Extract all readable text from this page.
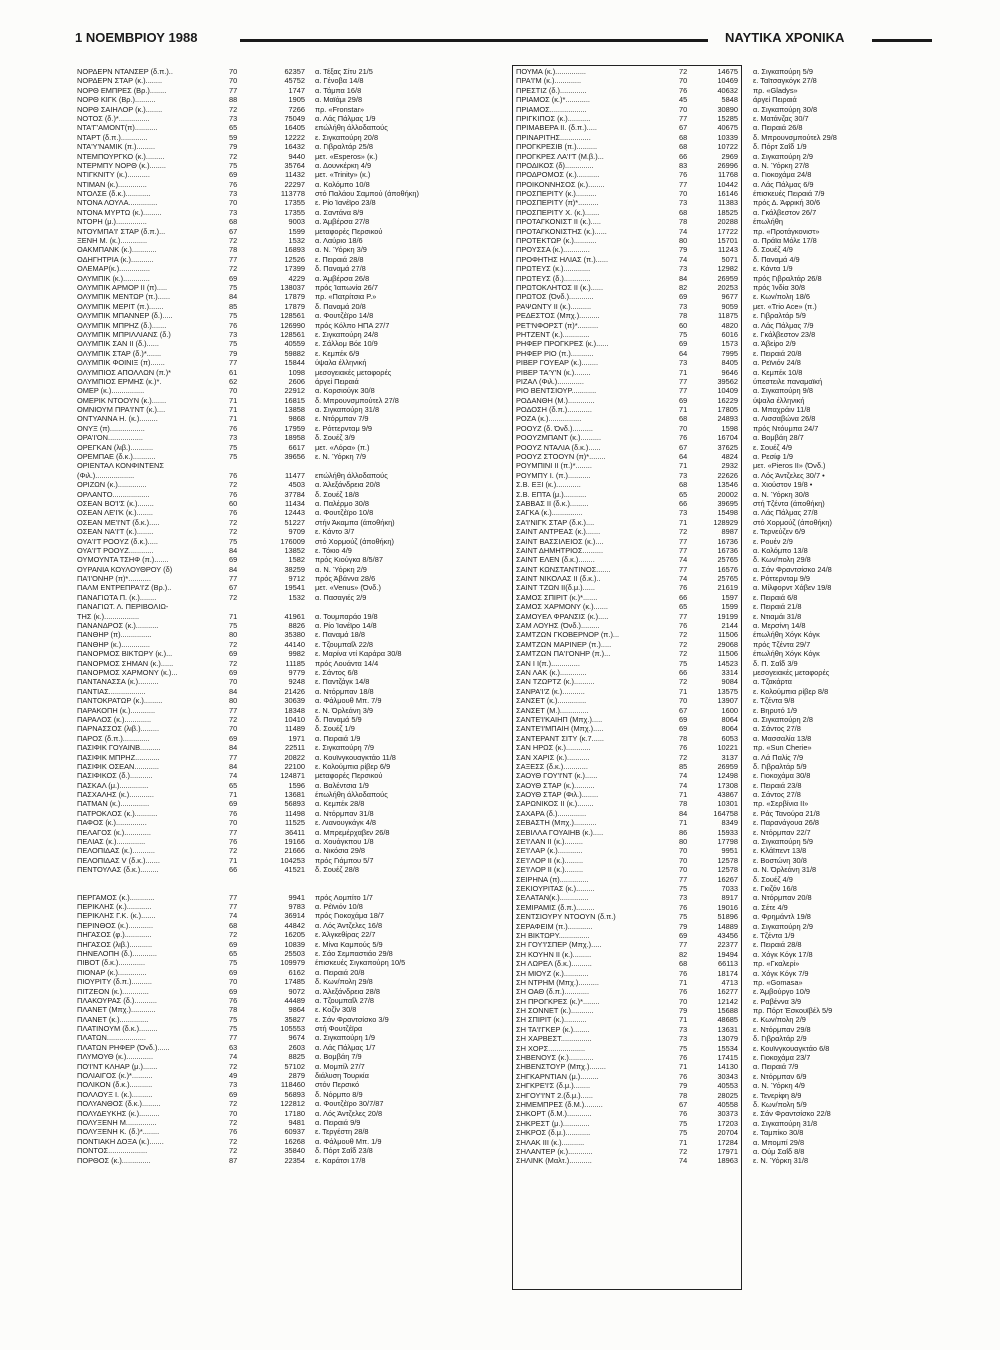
1 ΝΟΕΜΒΡΙΟΥ 1988	ΝΑΥΤΙΚΑ ΧΡΟΝΙΚΑ
ΝΟΡΔΕΡΝ ΝΤΑΝΣΕΡ (δ.π.)..	70	62357 α. Τέξας Σίτυ 21/5
ΝΟΡΔΕΡΝ ΣΤΑΡ (κ.)........	70	45752 α. Γένοβα 14/8
ΝΟΡΘ ΕΜΠΡΕΣ (Βρ.)........	77	1747 α. Τάμπα 16/8
ΝΟΡΘ ΚΙΓΚ (Βρ.)..........	88	1905 α. Μαϊάμι 29/8
ΝΟΡΘ ΣΑΙΗΛΟΡ (κ.)........	72	7266 πρ. «Fronstar»
ΝΟΤΟΣ (δ.)*...............	73	75049 α. Λάς Πάλμας 1/9
ΝΤΑ'Γ'ΑΜΟΝΤ(π)...........	65	16405 επώλήθη άλλοδαπούς
ΝΤΑΡΤ (δ.π.).............	59	12222 ε. Σιγκαπούρη 20/8
ΝΤΑ'Υ'ΝΑΜΙΚ (π.).........	79	16432 α. Γιβραλτάρ 25/8
ΝΤΕΜΠΟΥΡΓΚΟ (κ.).........	72	9440 μετ. «Esperos» (κ.)
ΝΤΕΡΜΠΥ ΝΟΡΘ (κ.)........	75	35764 α. Δουνκέρκη 4/9
ΝΤΙΓΚΝΙΤΥ (κ.)...........	69	11432 μετ. «Trinity» (κ.)
ΝΤΙΜΑΝ (κ.)..............	76	22297 α. Κολόμπο 10/8
ΝΤΟΛΣΕ (δ.κ.)............	73	113778 στό Παλάου Σαμπού (άποθήκη)
ΝΤΟΝΑ ΛΟΥΛΑ..............	70	17355 ε. Ρίο Ίανέϊρο 23/8
ΝΤΟΝΑ ΜΥΡΤΩ (κ.).........	73	17355 α. Σαντάνα 8/9
ΝΤΟΡΗ (μ.)...............	68	9003 α. Άμβέρσα 27/8
ΝΤΟΥΜΠΑ'Ι' ΣΤΑΡ (δ.π.)...	67	1599 μεταφορές Περσικού
ΞΕΝΗ Μ. (κ.).............	72	1532 α. Λαύριο 18/6
ΟΑΚΜΠΑΝΚ (κ.)............	78	16893 α. Ν. Ύόρκη 3/9
ΟΔΗΓΗΤΡΙΑ (κ.)...........	77	12526 ε. Πειραιά 28/8
ΟΛΕΜΑΡ(κ.)...............	72	17399 δ. Παναμά 27/8
ΟΛΥΜΠΙΚ (κ.).............	69	4229 α. Άμβέρσα 26/8
ΟΛΥΜΠΙΚ ΑΡΜΟΡ ΙΙ (π).....	75	138037 πρός Ίαπωνία 26/7
ΟΛΥΜΠΙΚ ΜΕΝΤΩΡ (π.)......	84	17879 πρ. «Πατρίτσια Ρ.»
ΟΛΥΜΠΙΚ ΜΕΡΙΤ (π.).......	85	17879 δ. Παναμά 20/8
ΟΛΥΜΠΙΚ ΜΠΑΝΝΕΡ (δ.).....	75	128561 α. Φουτζέϊρο 14/8
ΟΛΥΜΠΙΚ ΜΠΡΗΖ (δ.).......	76	126990 πρός Κόλπο ΗΠΑ 27/7
ΟΛΥΜΠΙΚ ΜΠΡΙΛΛΙΑΝΣ (δ.)	73	128561 ε. Σιγκαπούρη 24/8
ΟΛΥΜΠΙΚ ΣΑΝ ΙΙ (δ.)......	75	40559 ε. Σάλλομ Βόε 10/9
ΟΛΥΜΠΙΚ ΣΤΑΡ (δ.)*.......	79	59882 ε. Κεμπέκ 6/9
ΟΛΥΜΠΙΚ ΦΟΙΝΙΞ (π).......	77	15844 ύψαλα έλληνική
ΟΛΥΜΠΙΟΣ ΑΠΟΛΛΩΝ (π.)*	61	1098 μεσογειακές μεταφορές
ΟΛΥΜΠΙΟΣ ΕΡΜΗΣ (κ.)*.	62	2606 άργεί Πειραιά
ΟΜΕΡ (κ.)................	70	22912 α. Κορσιούγκ 30/8
ΟΜΕΡΙΚ ΝΤΟΟΥΝ (κ.).......	71	16815 δ. Μπρουνσμπούτελ 27/8
ΟΜΝΙΟΥΜ ΠΡΑ'Ι'ΝΤ (κ.)....	71	13858 α. Σιγκαπούρη 31/8
ΟΝΤΥΑΝΝΑ Η. (κ.).........	71	9868 ε. Ντόρμπαν 7/9
ΟΝΥΞ (π).................	76	17959 ε. Ρόττερνταμ 9/9
ΟΡΑ'Ι'ΟΝ.................	73	18958 δ. Σουέζ 3/9
ΟΡΕΓΚΑΝ (λιβ.)...........	75	6617 μετ. «Λόρα» (π.)
ΟΡΕΜΠΑΕ (δ.κ.)...........	75	39656 ε. Ν. Ύόρκη 7/9
ΟΡΙΕΝΤΑΛ ΚΟΝΦΙΝΤΕΝΣ
(Φιλ.)...................	76	11477 επώλήθη άλλοδαπούς
ΟΡΙΖΩΝ (κ.)..............	72	4503 α. Άλεξάνδρεια 20/8
ΟΡΛΑΝΤΟ..................	76	37784 δ. Σουέζ 18/8
ΟΣΕΑΝ ΒΟ'Ι'Σ (κ.)........	60	11434 α. Παλέρμο 30/8
ΟΣΕΑΝ ΛΕ'Ι'Κ (κ.)........	76	12443 α. Φουτζέϊρο 10/8
ΟΣΕΑΝ ΜΕ'Ι'ΝΤ (δ.κ.).....	72	51227 στήν Άκαμπα (άποθήκη)
ΟΣΕΑΝ ΝΑ'Ι'Τ (κ.)........	72	9709 ε. Κάντο 3/7
ΟΥΑ'Ι'Τ ΡΟΟΥΖ (δ.κ.).....	75	176009 στό Χορμούζ (άποθήκη)
ΟΥΑ'Ι'Τ ΡΟΟΥΖ............	84	13852 ε. Τόκιο 4/9
ΟΥΜΟΥΝΤΑ ΤΣΗΦ (π.).......	69	1582 πρός Κιούγκα 8/5/87
ΟΥΡΑΝΙΑ ΚΟΥΛΟΥΘΡΟΥ (δ)	84	38259 α. Ν. Ύόρκη 2/9
ΠΑ'Ι'ΟΝΗΡ (π)*...........	77	9712 πρός Άβάννα 28/6
ΠΑΛΜ ΕΝΤΡΕΠΡΑ'Ι'Ζ (Βρ.)..	67	19541 μετ. «Venus» (Όνδ.)
ΠΑΝΑΓΙΩΤΑ Π. (κ.)........	72	1532 α. Πασαγιές 2/9
ΠΑΝΑΓΙΩΤ. Λ. ΠΕΡΙΒΟΛΙΩ-
ΤΗΣ (κ.).................	71	41961 α. Τουμπαράο 19/8
ΠΑΝΑΝΔΡΟΣ (κ.)...........	75	8826 α. Ρίο Ίανέϊρο 14/8
ΠΑΝΘΗΡ (π)...............	80	35380 ε. Παναμά 18/8
ΠΑΝΘΗΡ (κ.)..............	72	44140 ε. Τζουμπαΐλ 22/8
ΠΑΝΟΡΜΟΣ ΒΙΚΤΩΡΥ (κ.)...	69	9982 ε. Μαρίνα ντί Καράρα 30/8
ΠΑΝΟΡΜΟΣ ΣΗΜΑΝ (κ.)......	72	11185 πρός Λουάντα 14/4
ΠΑΝΟΡΜΟΣ ΧΑΡΜΟΝΥ (κ.)...	69	9779 ε. Σάντος 6/8
ΠΑΝΤΑΝΑΣΣΑ (κ.)..........	70	9248 ε. Παντζάγκ 14/8
ΠΑΝΤΙΑΣ..................	84	21426 α. Ντόρμπαν 18/8
ΠΑΝΤΟΚΡΑΤΩΡ (κ.).........	80	30639 α. Φάλμουθ Μπ. 7/9
ΠΑΡΑΚΟΠΗ (κ.)............	77	18348 ε. Ν. Όρλεάνη 3/9
ΠΑΡΑΛΟΣ (κ.).............	72	10410 δ. Παναμά 5/9
ΠΑΡΝΑΣΣΟΣ (λιβ.).........	70	11489 δ. Σουέζ 1/9
ΠΑΡΟΣ (δ.π.).............	69	1971 α. Πειραιά 1/9
ΠΑΣΙΦΙΚ ΓΟΥΑΙΝΒ..........	84	22511 ε. Σιγκαπούρη 7/9
ΠΑΣΙΦΙΚ ΜΠΡΗΖ............	77	20822 α. Κουϊνγκουαγκτάο 11/8
ΠΑΣΙΦΙΚ ΟΣΕΑΝ............	84	22100 ε. Κολούμπια ρίβερ 6/9
ΠΑΣΙΦΙΚΟΣ (δ.)...........	74	124871 μεταφορές Περσικού
ΠΑΣΚΑΛ (μ.)..............	65	1596 α. Βαλέντσια 1/9
ΠΑΣΧΑΛΗΣ (κ.)............	71	13681 έπωλήθη άλλοδαπούς
ΠΑΤΜΑΝ (κ.)..............	69	56893 α. Κεμπέκ 28/8
ΠΑΤΡΟΚΛΟΣ (κ.)...........	76	11498 α. Ντόρμπαν 31/8
ΠΑΦΟΣ (κ.)...............	70	11525 ε. Λιανουγκάγκ 4/8
ΠΕΛΑΓΟΣ (κ.).............	77	36411 α. Μπρεμέρχαβεν 26/8
ΠΕΛΙΑΣ (κ.)..............	76	19166 α. Χουάγκπου 1/8
ΠΕΛΟΠΙΔΑΣ (κ.)...........	72	21666 α. Νικόσια 29/8
ΠΕΛΟΠΙΔΑΣ V (δ.κ.).......	71	104253 πρός Γιάμπου 5/7
ΠΕΝΤΟΥΛΑΣ (δ.κ.).........	66	41521 δ. Σουέζ 28/8
ΠΕΡΓΑΜΟΣ (κ.)............	77	9941 πρός Λομπίτο 1/7
ΠΕΡΙΚΛΗΣ (κ.)............	77	9783 α. Ρέϊνιόν 10/8
ΠΕΡΙΚΛΗΣ Γ.Κ. (κ.).......	74	36914 πρός Γιοκοχάμα 18/7
ΠΕΡΙΝΘΟΣ (κ.)............	68	44842 α. Λός Άντζελες 16/8
ΠΗΓΑΣΟΣ (φ.).............	72	16205 ε. Άλγκεθίρας 22/7
ΠΗΓΑΣΟΣ (λιβ.)...........	69	10839 ε. Μίνα Καμπούς 5/9
ΠΗΝΕΛΟΠΗ (δ.)............	65	25503 ε. Σάο Σεμπαστιάο 29/8
ΠΙΒΟΤ (δ.κ.).............	75	109979 έπισκευές Σιγκαπούρη 10/5
ΠΙΟΝΑΡ (κ.)..............	69	6162 α. Πειραιά 20/8
ΠΙΟΥΡΙΤΥ (δ.π.)..........	70	17485 δ. Κων/πολη 29/8
ΠΙΤΖΕΟΝ (κ.).............	69	9072 α. Άλεξάνδρεια 28/8
ΠΛΑΚΟΥΡΑΣ (δ.)...........	76	44489 α. Τζουμπαΐλ 27/8
ΠΛΑΝΕΤ (Μπχ.)............	78	9864 ε. Κοζίν 30/8
ΠΛΑΝΕΤ (κ.)..............	75	35827 ε. Σάν Φραντσίσκο 3/9
ΠΛΑΤΙΝΟΥΜ (δ.κ.).........	75	105553 στή Φουτζέϊρα
ΠΛΑΤΩΝ...................	77	9674 α. Σιγκαπούρη 1/9
ΠΛΑΤΩΝ ΡΗΦΕΡ (Όνδ.)......	63	2603 α. Λάς Πάλμας 1/7
ΠΛΥΜΟΥΘ (κ.).............	74	8825 α. Βομβάη 7/9
ΠΟ'Ι'ΝΤ ΚΛΗΑΡ (μ.).......	72	57102 α. Μομπίλ 27/7
ΠΟΛΙΑΙΓΟΣ (κ.)*..........	49	2879 διάλυση Τουρκία
ΠΟΛΙΚΟΝ (δ.κ.)...........	73	118460 στόν Περσικό
ΠΟΛΛΟΥΞ Ι. (κ.)..........	69	56893 δ. Νόρμπο 8/9
ΠΟΛΥΑΝΘΟΣ (δ.κ.).........	72	122812 α. Φουτζέϊρο 30/7/87
ΠΟΛΥΔΕΥΚΗΣ (κ.)..........	70	17180 α. Λός Άντζελες 20/8
ΠΟΛΥΞΕΝΗ Μ...............	72	9481 α. Πειραιά 9/9
ΠΟΛΥΞΕΝΗ Κ. (δ.)*........	76	60937 ε. Τεργέστη 28/8
ΠΟΝΤΙΑΚΗ ΔΟΞΑ (κ.).......	72	16268 α. Φάλμουθ Μπ. 1/9
ΠΟΝΤΟΣ...................	72	35840 δ. Πόρτ Σαΐδ 23/8
ΠΟΡΘΟΣ (κ.)..............	87	22354 ε. Καράτσι 17/8
ΠΟΥΜΑ (κ.)...............	72	14675 α. Σιγκαπούρη 5/9
ΠΡΑ'Ι'Μ (κ.).............	70	10469 ε. Ταϊτσαγκόγκ 27/8
ΠΡΕΣΤΙΖ (δ.).............	76	40632 πρ. «Gladys»
ΠΡΙΑΜΟΣ (κ.)*............	45	5848 άργεί Πειραιά
ΠΡΙΑΜΟΣ..................	70	30890 α. Σιγκαπούρη 30/8
ΠΡΙΓΚΙΠΟΣ (κ.)...........	77	15285 ε. Ματάνζας 30/7
ΠΡΙΜΑΒΕΡΑ ΙΙ. (δ.π.).....	67	40675 α. Πειραιά 26/8
ΠΡΙΝΑΡΙΤΗΣ...............	68	10339 δ. Μπρουνσμπούτελ 29/8
ΠΡΟΓΚΡΕΣΙΒ (π.)..........	68	10722 δ. Πόρτ Σαΐδ 1/9
ΠΡΟΓΚΡΕΣ ΛΑ'Ι'Τ (Μ.β.)...	66	2969 α. Σιγκαπούρη 2/9
ΠΡΟΔΙΚΟΣ (δ)..............	83	26996 α. Ν. Ύόρκη 27/8
ΠΡΟΔΡΟΜΟΣ (κ.)...........	76	11768 α. Γιοκοχάμα 24/8
ΠΡΟΙΚΟΝΝΗΣΟΣ (κ.)........	77	10442 α. Λάς Πάλμας 6/9
ΠΡΟΣΠΕΡΙΤΥ (κ.)..........	70	16146 έπισκευές Πειραιά 7/9
ΠΡΟΣΠΕΡΙΤΥ (π)*..........	73	11383 πρός Δ. Άφρική 30/6
ΠΡΟΣΠΕΡΙΤΥ Χ. (κ.).......	68	18525 α. Γκάλβεστον 26/7
ΠΡΟΤΑΓΚΟΝΙΣΤ ΙΙ (κ.).....	78	20288 έπωλήθη
ΠΡΟΤΑΓΚΟΝΙΣΤΗΣ (κ.)......	74	17722 πρ. «Προτάγκονιστ»
ΠΡΟΤΕΚΤΩΡ (κ.)...........	80	15701 α. Πράϊα Μόλε 17/8
ΠΡΟΥΣΣΑ (κ.).............	79	11243 δ. Σουέζ 4/9
ΠΡΟΦΗΤΗΣ ΗΛΙΑΣ (π.)......	74	5071 δ. Παναμά 4/9
ΠΡΩΤΕΥΣ (κ.).............	73	12982 ε. Κάντα 1/9
ΠΡΩΤΕΥΣ (δ.).............	84	26959 πρός Γιβραλτάρ 26/8
ΠΡΩΤΟΚΛΗΤΟΣ ΙΙ (κ.)......	82	20253 πρός Ίνδία 30/8
ΠΡΩΤΟΣ (Όνδ.)............	69	9677 ε. Κων/πολη 18/6
ΡΑΨΩΝΤΥ ΙΙ (κ.)..........	73	9059 μετ. «Trio Ace» (π.)
ΡΕΔΕΣΤΟΣ (Μπχ.)..........	78	11875 ε. Γιβραλτάρ 5/9
ΡΕΤ'ΝΦΟΡΣΤ (π)*..........	60	4820 α. Λάς Πάλμας 7/9
ΡΗΤΖΕΝΤ (κ.).............	75	6016 ε. Γκάλβεστον 23/8
ΡΗΦΕΡ ΠΡΟΓΚΡΕΣ (κ.)......	69	1573 α. Άβείρο 2/9
ΡΗΦΕΡ ΡΙΟ (π.)...........	64	7995 ε. Πειραιά 20/8
ΡΙΒΕΡ ΓΟΥΕΑΡ (κ.)........	73	8405 α. Ρεϊνιόν 24/8
ΡΙΒΕΡ ΤΑ'Υ'Ν (κ.)........	71	9646 α. Κεμπέκ 10/8
ΡΙΖΑΛ (Φιλ.).............	77	39562 ύπεστειλε παναμαϊκή
ΡΙΟ ΒΕΝΤΣΙΟΥΡ............	77	10409 α. Σιγκαπούρη 9/8
ΡΟΔΑΝΘΗ (Μ.).............	69	16229 ύψαλα έλληνική
ΡΟΔΟΣΗ (δ.π.)............	71	17805 α. Μπαχράιν 11/8
ΡΟΖΑ (κ.)................	68	24893 α. Λισσαβώνα 26/8
ΡΟΟΥΖ (δ. Όνδ.)..........	70	1598 πρός Ντόυμπα 24/7
ΡΟΟΥΖΜΠΑΝΤ (κ.)..........	76	16704 α. Βομβάη 28/7
ΡΟΟΥΖ ΝΤΑΛΙΑ (δ.κ.)......	67	37625 ε. Σουέζ 4/9
ΡΟΟΥΖ ΣΤΟΟΥΝ (π)*........	64	4824 α. Ρεσίφ 1/9
ΡΟΥΜΠΙΝΙ ΙΙ (π.)*........	71	2932 μετ. «Pieros II» (Όνδ.)
ΡΟΥΜΠΥ Ι. (π.)...........	73	22626 α. Λός Άντζελες 30/7 •
Σ.Β. ΕΞΙ (κ.)............	68	13546 α. Χιούστον 19/8 •
Σ.Β. ΕΠΤΑ (μ.)...........	65	20002 α. Ν. Ύόρκη 30/8
ΣΑΒΒΑΣ ΙΙ (δ.κ.).........	66	39695 στή Τζέντα (άποθήκη)
ΣΑΓΚΑ (κ.)...............	73	15498 α. Λάς Πάλμας 27/8
ΣΑ'Ι'ΝΙΓΚ ΣΤΑΡ (δ.κ.)....	71	128929 στό Χορμούζ (άποθήκη)
ΣΑΙΝΤ ΑΝΤΡΕΑΣ (κ.).......	72	8987 ε. Τερνεύζεν 6/9
ΣΑΙΝΤ ΒΑΣΣΙΛΕΙΟΣ (κ.)....	77	16736 ε. Ρουέν 2/9
ΣΑΙΝΤ ΔΗΜΗΤΡΙΟΣ..........	77	16736 α. Κολόμπο 13/8
ΣΑΙΝΤ ΕΛΕΝ (δ.κ.)........	74	25765 δ. Κων/πολη 29/8
ΣΑΙΝΤ ΚΩΝΣΤΑΝΤΙΝΟΣ.......	77	16576 α. Σάν Φραντσίσκο 24/8
ΣΑΙΝΤ ΝΙΚΟΛΑΣ ΙΙ (δ.κ.)..	74	25765 ε. Ρόττερνταμ 9/9
ΣΑΙΝΤ ΤΖΩΝ ΙΙ(δ.μ.)......	76	21619 α. Μίλφορντ Χάβεν 19/8
ΣΑΜΟΣ ΣΠΙΡΙΤ (κ.)*.......	66	1597 ε. Πειραιά 6/8
ΣΑΜΟΣ ΧΑΡΜΟΝΥ (κ.).......	65	1599 ε. Πειραιά 21/8
ΣΑΜΟΥΕΛ ΦΡΑΝΣΙΣ (κ.).....	77	19199 ε. Ντιαμάι 31/8
ΣΑΜ ΛΟΥΗΣ (Όνδ.).........	76	2144 α. Μερσίνη 14/8
ΣΑΜΤΖΩΝ ΓΚΟΒΕΡΝΟΡ (π.)...	72	11506 έπωλήθη Χόγκ Κόγκ
ΣΑΜΤΖΩΝ ΜΑΡΙΝΕΡ (π.).....	72	29068 πρός Τζέντα 29/7
ΣΑΜΤΖΩΝ ΠΑ'Ι'ΟΝΗΡ (π.)...	72	11506 έπωλήθη Χόγκ Κόγκ
ΣΑΝ Ι Ι(π.)..............	75	14523 δ. Π. Σαΐδ 3/9
ΣΑΝ ΛΑΚ (κ.).............	66	3314 μεσογειακές μεταφορές
ΣΑΝ ΤΖΩΡΤΖ (κ.)..........	72	9084 α. Τζακάρτα
ΣΑΝΡΑ'Ι'Ζ (κ.)...........	71	13575 ε. Κολούμπια ρίβερ 8/8
ΣΑΝΣΕΤ (κ.)..............	70	13907 ε. Τζέντα 9/8
ΣΑΝΣΕΤ (Μ.)..............	67	1600 ε. Βηρυτό 1/9
ΣΑΝΤΕ'Ι'ΚΑΙΗΠ (Μπχ.).....	69	8064 α. Σιγκαπούρη 2/8
ΣΑΝΤΕ'Ι'ΜΠΑΙΗ (Μπχ.).....	69	8064 α. Σάντος 27/8
ΣΑΝΤΕΡΑΝΤ ΣΙΤΥ (κ.7......	78	6053 α. Μασσαλία 13/8
ΣΑΝ ΗΡΩΣ (κ.)............	76	10221 πρ. «Sun Cherie»
ΣΑΝ ΧΑΡΙΣ (κ.)...........	72	3137 α. Λά Παλίς 7/9
ΣΑΞΕΣΣ (δ.κ.)............	85	26959 δ. Γιβραλτάρ 5/9
ΣΑΟΥΘ ΓΟΥ'Ι'ΝΤ (κ.)......	74	12498 ε. Γιοκοχάμα 30/8
ΣΑΟΥΘ ΣΤΑΡ (κ.)..........	74	17308 ε. Πειραιά 23/8
ΣΑΟΥΘ ΣΤΑΡ (Φιλ.)........	71	43867 α. Σάντος 27/8
ΣΑΡΩΝΙΚΟΣ ΙΙ (κ.)........	78	10301 πρ. «Σερβίνια ΙΙ»
ΣΑΧΑΡΑ (δ.)..............	84	164758 ε. Ράς Τανούρα 21/8
ΣΕΒΑΣΤΗ (Μπχ.)...........	71	8349 ε. Παρανάγουα 26/8
ΣΕΒΙΛΛΑ ΓΟΥΑΙΗΒ (κ.).....	86	15933 ε. Ντόρμπαν 22/7
ΣΕ'Ι'ΛΑΝ ΙΙ (κ.).........	80	17798 α. Σιγκαπούρη 5/9
ΣΕ'Ι'ΛΑΡ (κ.)............	70	9951 ε. Κλάϊπεντ 13/8
ΣΕ'Ι'ΛΟΡ ΙΙ (κ.).........	70	12578 ε. Βοστώνη 30/8
ΣΕ'Ι'ΛΟΡ ΙΙ (κ.).........	70	12578 α. Ν. Όρλεάνη 31/8
ΣΕΙΡΗΝΑ (π)..............	77	16267 δ. Σουέζ 4/9
ΣΕΚΙΟΥΡΙΤΑΣ (κ.).........	75	7033 ε. Γκιζόν 16/8
ΣΕΛΑΤΑΝ(κ.)..............	73	8917 α. Ντόρμπαν 20/8
ΣΕΜΙΡΑΜΙΣ (δ.π.).........	76	19016 α. Σέτε 4/9
ΣΕΝΤΣΙΟΥΡΥ ΝΤΟΟΥΝ (δ.π.)	75	51896 α. Φρημάντλ 19/8
ΣΕΡΑΦΕΙΜ (π.)............	79	14889 α. Σιγκαπούρη 2/9
ΣΗ ΒΙΚΤΩΡΥ...............	69	43456 ε. Τζέντα 1/9
ΣΗ ΓΟΥ'Ι'ΣΠΕΡ (Μπχ.).....	77	22377 ε. Πειραιά 28/8
ΣΗ ΚΟΥΗΝ ΙΙ (κ.).........	82	19494 α. Χόγκ Κόγκ 17/8
ΣΗ ΛΩΡΕΛ (δ.κ.)..........	68	66113 πρ. «Γκαλερί»
ΣΗ ΜΙΟΥΖ (κ.)............	76	18174 α. Χόγκ Κόγκ 7/9
ΣΗ ΝΤΡΗΜ (Μπχ.)..........	71	4713 πρ. «Gomasa»
ΣΗ ΟΑΘ (δ.π.)............	76	16277 ε. Άμβούργο 10/9
ΣΗ ΠΡΟΓΚΡΕΣ (κ.)*........	70	12142 ε. Ραβέννα 3/9
ΣΗ ΣΟΝΝΕΤ (κ.)...........	79	15688 πρ. Πόρτ Έσκουϊβέλ 5/9
ΣΗ ΣΠΙΡΙΤ (κ.)...........	71	48685 ε. Κων/πολη 2/9
ΣΗ ΤΑ'Ι'ΓΚΕΡ (κ.)........	73	13631 ε. Ντόρμπαν 29/8
ΣΗ ΧΑΡΒΕΣΤ...............	73	13079 δ. Γιβραλτάρ 2/9
ΣΗ ΧΟΡΣ..................	75	15534 ε. Κουϊνγκουαγκτάο 6/8
ΣΗΒΕΝΟΥΣ (κ.)............	76	17415 ε. Γιοκοχάμα 23/7
ΣΗΒΕΝΣΤΟΥΡ (Μπχ.)........	71	14130 α. Πειραιά 7/9
ΣΗΓΚΑΡΝΤΙΑΝ (μ.).........	76	30343 ε. Ντόρμπαν 6/9
ΣΗΓΚΡΕ'Ι'Σ (δ.μ.)........	79	40553 α. Ν. Ύόρκη 4/9
ΣΗΓΟΥ'Ι'ΝΤ 2.(δ.μ.)......	78	28025 ε. Τενερίφη 8/9
ΣΗΜΕΜΠΡΕΣ (δ.Μ.).........	67	40558 δ. Κων/πολη 5/9
ΣΗΚΟΡΤ (δ.Μ.)............	76	30373 ε. Σάν Φραντσίσκο 22/8
ΣΗΚΡΕΣΤ (μ.).............	75	17203 α. Σιγκαπούρη 31/8
ΣΗΚΡΟΣ (δ.μ.)............	75	20704 ε. Ταμπίκο 30/8
ΣΗΛΑΚ ΙΙΙ (κ.)...........	71	17284 α. Μπομπί 29/8
ΣΗΛΑΝΤΕΡ (κ.)............	72	17971 α. Ούμ Σαΐδ 8/8
ΣΗΛΙΝΚ (Μαλτ.)...........	74	18963 ε. Ν. Ύόρκη 31/8
